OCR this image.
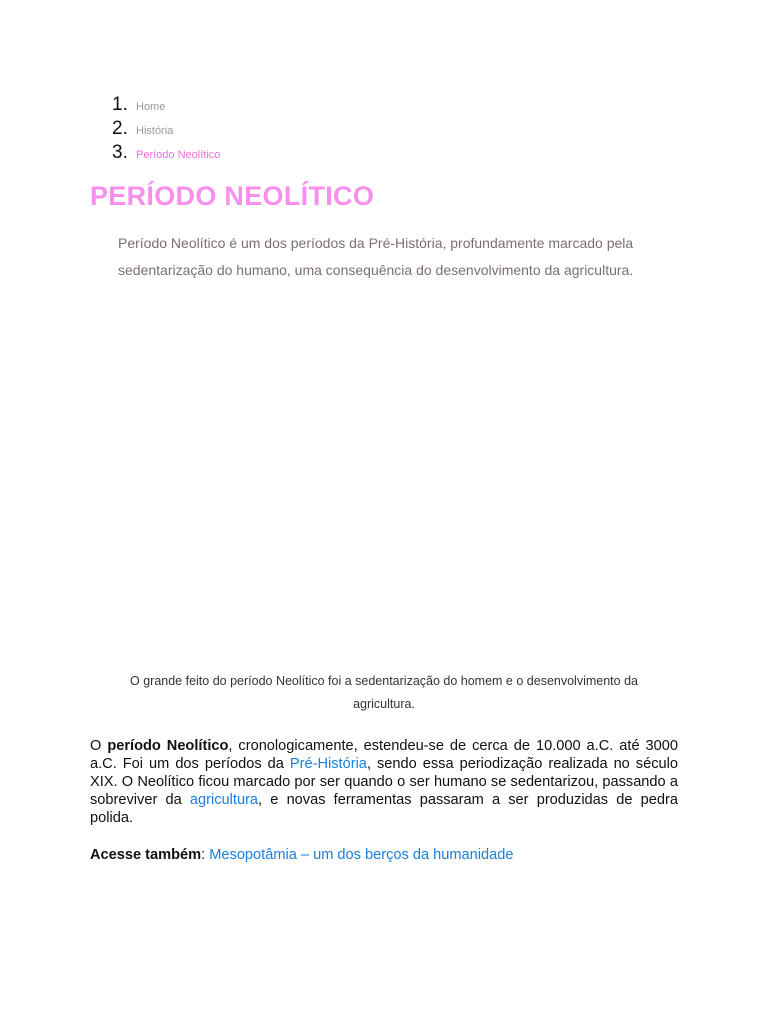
1. Home
2. História
3. Período Neolítico
PERÍODO NEOLÍTICO

Período Neolítico é um dos períodos da Pré-História, profundamente marcado pela sedentarização do humano, uma consequência do desenvolvimento da agricultura.

O grande feito do período Neolítico foi a sedentarização do homem e o desenvolvimento da agricultura.

O período Neolítico, cronologicamente, estendeu-se de cerca de 10.000 a.C. até 3000 a.C. Foi um dos períodos da Pré-História, sendo essa periodização realizada no século XIX. O Neolítico ficou marcado por ser quando o ser humano se sedentarizou, passando a sobreviver da agricultura, e novas ferramentas passaram a ser produzidas de pedra polida.

Acesse também: Mesopotâmia – um dos berços da humanidade
